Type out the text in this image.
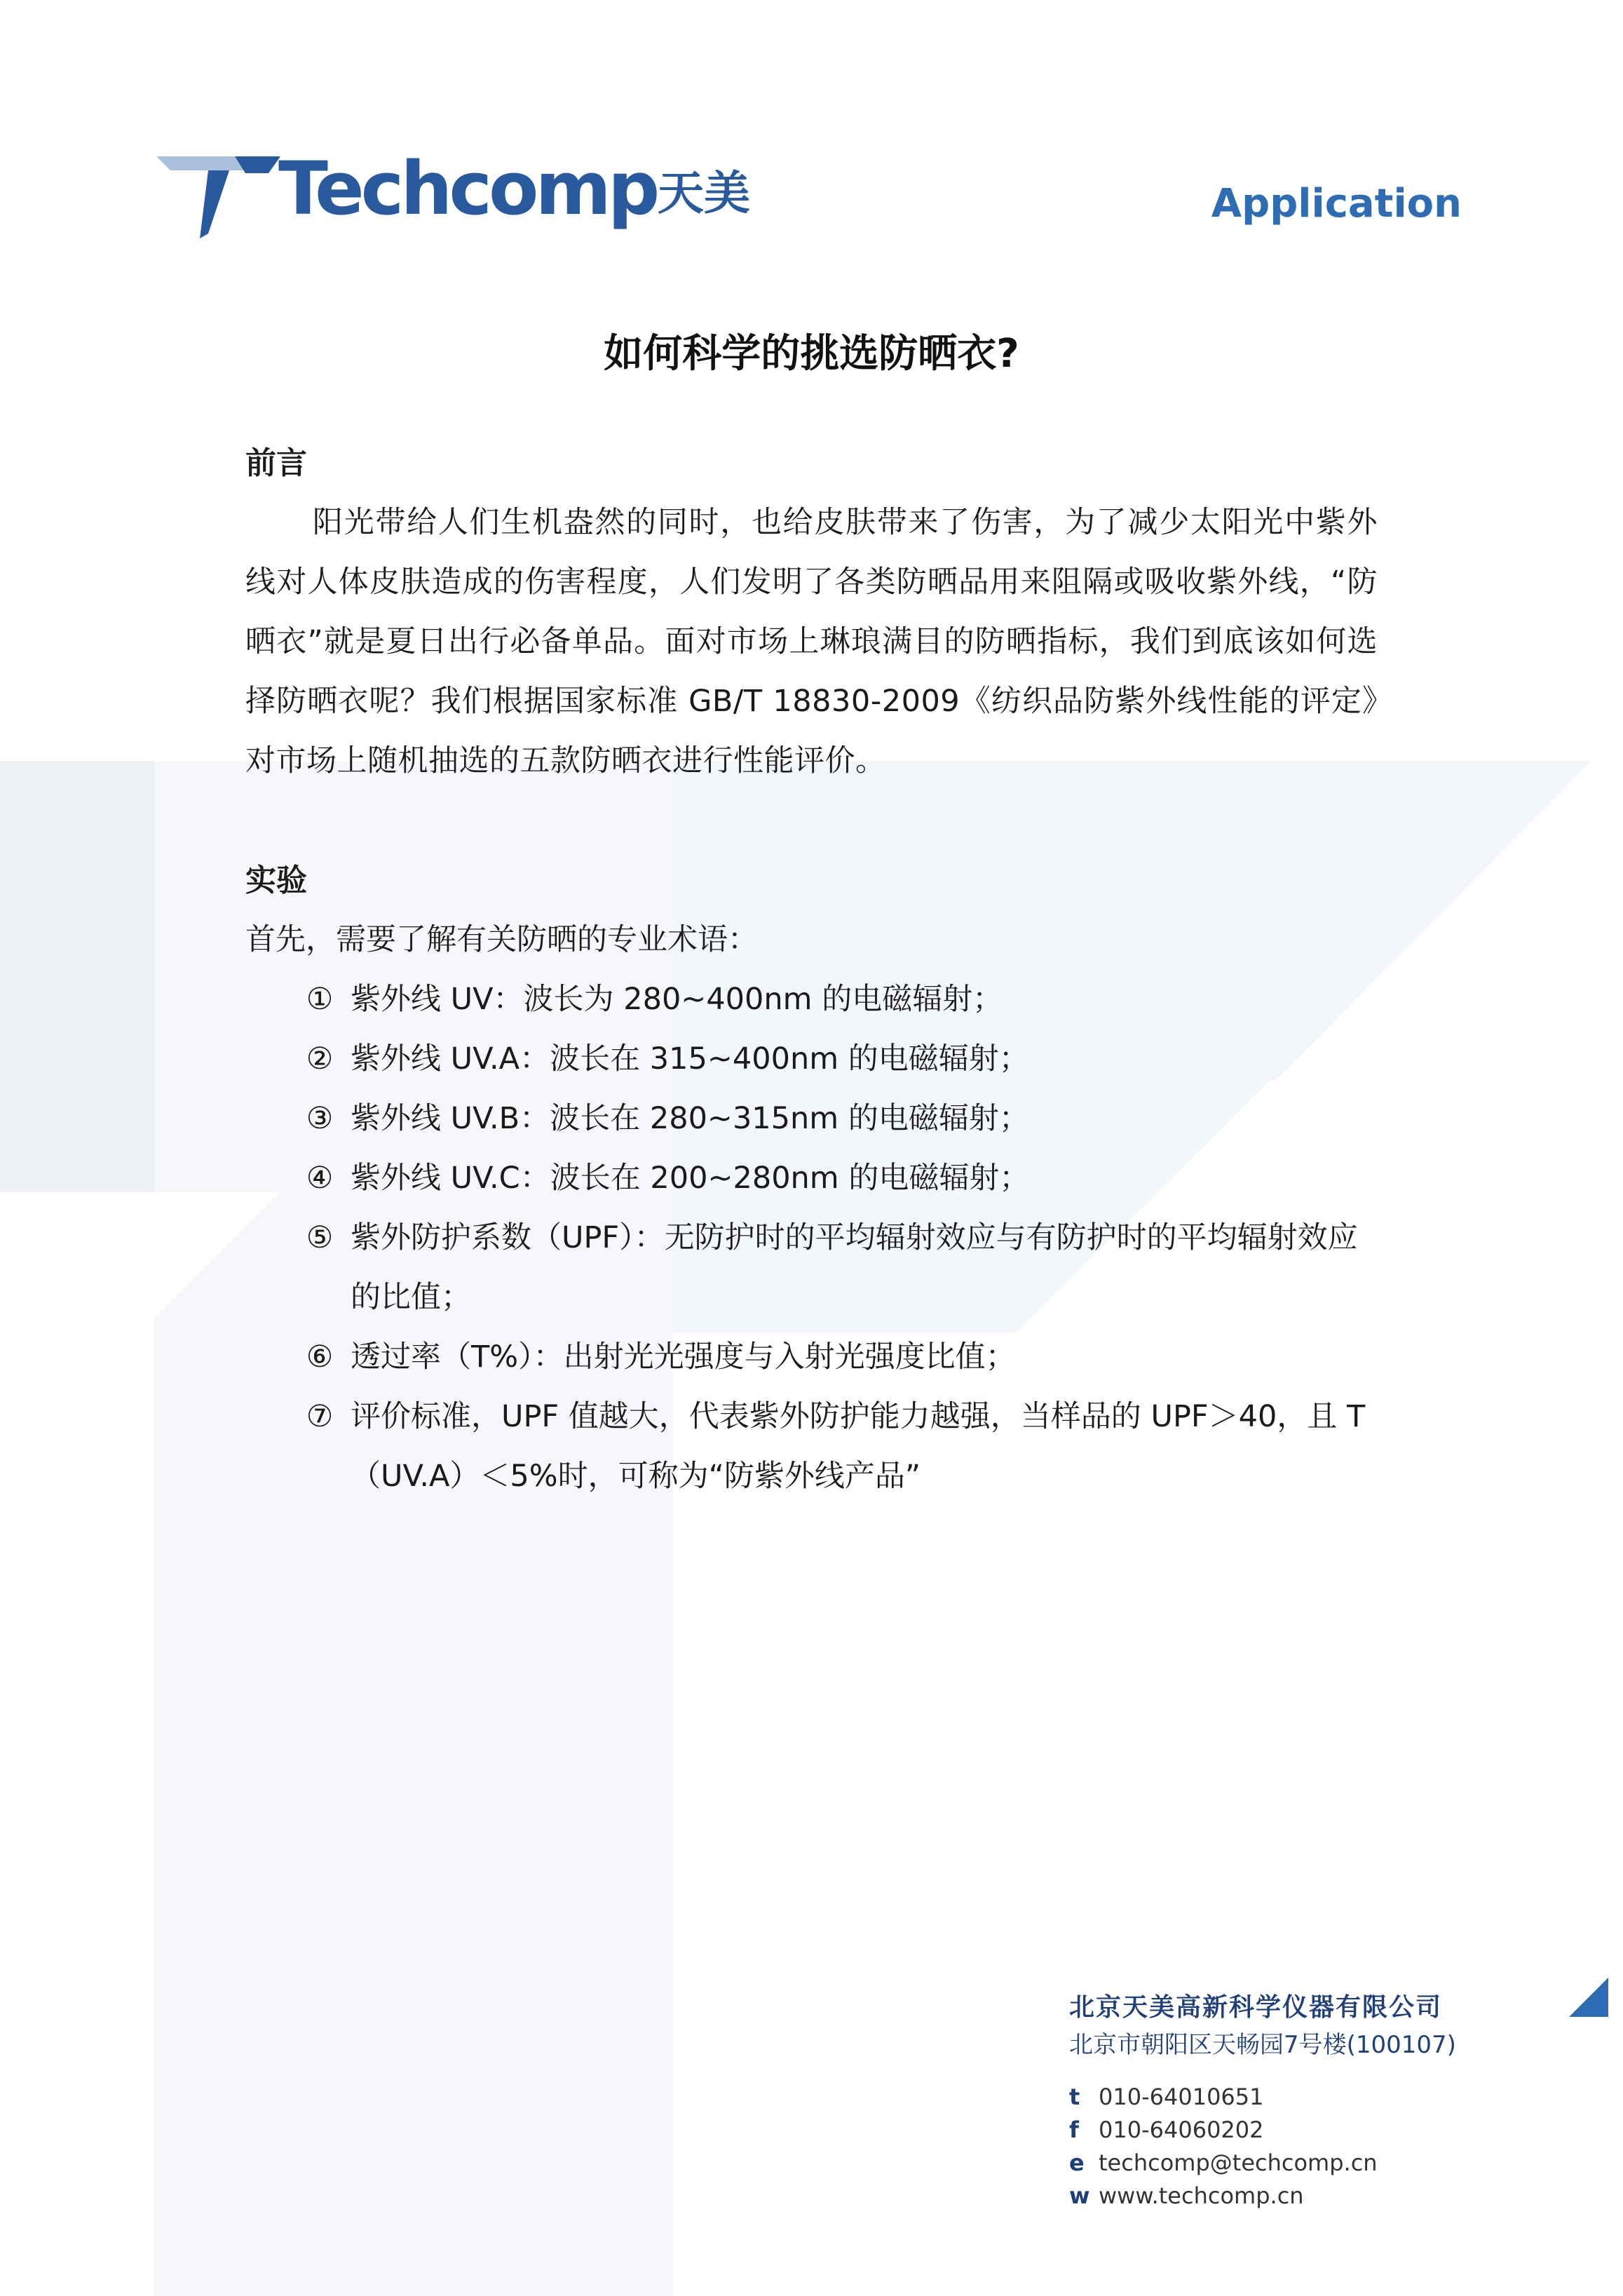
Techcomp 天美	Application
如何科学的挑选防晒衣?

前言

阳光带给人们生机盎然的同时，也给皮肤带来了伤害，为了减少太阳光中紫外线对人体皮肤造成的伤害程度，人们发明了各类防晒品用来阻隔或吸收紫外线，“防晒衣”就是夏日出行必备单品。面对市场上琳琅满目的防晒指标，我们到底该如何选择防晒衣呢？我们根据国家标准 GB/T 18830-2009《纺织品防紫外线性能的评定》对市场上随机抽选的五款防晒衣进行性能评价。

实验

首先，需要了解有关防晒的专业术语：

① 紫外线 UV：波长为 280~400nm 的电磁辐射；
② 紫外线 UV.A：波长在 315~400nm 的电磁辐射；
③ 紫外线 UV.B：波长在 280~315nm 的电磁辐射；
④ 紫外线 UV.C：波长在 200~280nm 的电磁辐射；
⑤ 紫外防护系数（UPF）：无防护时的平均辐射效应与有防护时的平均辐射效应的比值；
⑥ 透过率（T%）：出射光光强度与入射光强度比值；
⑦ 评价标准，UPF 值越大，代表紫外防护能力越强，当样品的 UPF＞40，且 T（UV.A）＜5%时，可称为“防紫外线产品”
北京天美高新科学仪器有限公司
北京市朝阳区天畅园7号楼(100107)
t 010-64010651
f 010-64060202
e techcomp@techcomp.cn
w www.techcomp.cn
